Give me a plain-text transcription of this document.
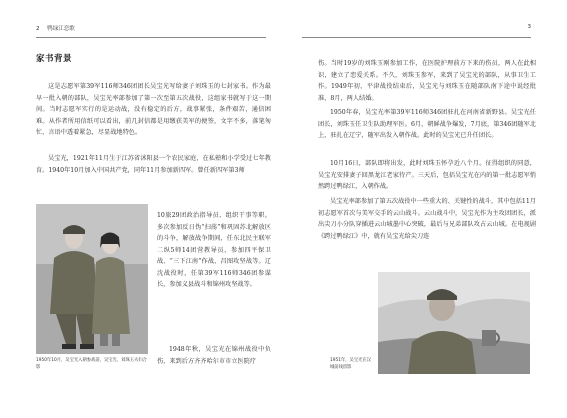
2 鸭绿江恋歌
家书背景

这是志愿军第39军116师346团团长吴宝光写给妻子刘珠玉的七封家书。作为最早一批入朝的部队，吴宝光率部参加了第一次至第五次战役，这组家书就写于这一期间。当时志愿军实行的是运动战，没有稳定的后方，战事紧张，条件艰苦，通信困难。从作者所用信纸可以看出，前几封信都是用缴获美军的便签，文字不多，落笔匆忙，言语中透着紧急，尽显战地特色。

吴宝光，1921年11月生于江苏省沭阳县一个农民家庭，在私塾和小学受过七年教育。1940年10月加入中国共产党，同年11月参加新四军。曾任新四军第3师

10旅29团政治指导员、组织干事等职。多次参加反日伪“扫荡”和巩固苏北解放区的斗争，解放战争期间，任东北民主联军二纵5师14团营教导员，参加四平保卫战、“三下江南”作战、昌图攻坚战等。辽沈战役时，任第39军116师346团参谋长，参加义县战斗和锦州攻坚战等。

1948年秋，吴宝光在锦州战役中负伤，来到后方齐齐哈尔市市立医院疗

1950年10月，吴宝光入朝参战前，吴宝光、刘珠玉夫妇合影

3

伤。当时19岁的刘珠玉刚参加工作，在医院护理前方下来的伤员，两人在此相识，建立了恋爱关系。不久，刘珠玉参军，来到了吴宝光的部队，从事卫生工作。1949年初，平津战役结束后，吴宝光与刘珠玉在随部队南下途中说经批准，8月，两人结婚。

1950年春，吴宝光率第39军116师346团驻扎在河南省新野县。吴宝光任团长，刘珠玉任卫生队助理军医。6月，朝鲜战争爆发，7月底，第346团随军北上，驻扎在辽宁，随军出发入朝作战。此时的吴宝光已升任团长。

10月16日，部队即将出发，此时刘珠玉怀孕近八个月。征得组织的同意，吴宝光安排妻子回黑龙江老家待产。三天后，包括吴宝光在内的第一批志愿军悄然跨过鸭绿江，入朝作战。

吴宝光率部参加了第五次战役中一些重大的、关键性的战斗，其中包括11月初志愿军首次与美军交手的云山战斗。云山战斗中，吴宝光作为主攻团团长，派出尖刀小分队穿插进云山城墨中心突破，最后与兄弟部队攻占云山城。在电视剧《跨过鸭绿江》中，就有吴宝光给尖刀连

1951年，吴宝光在汉城前线留影
